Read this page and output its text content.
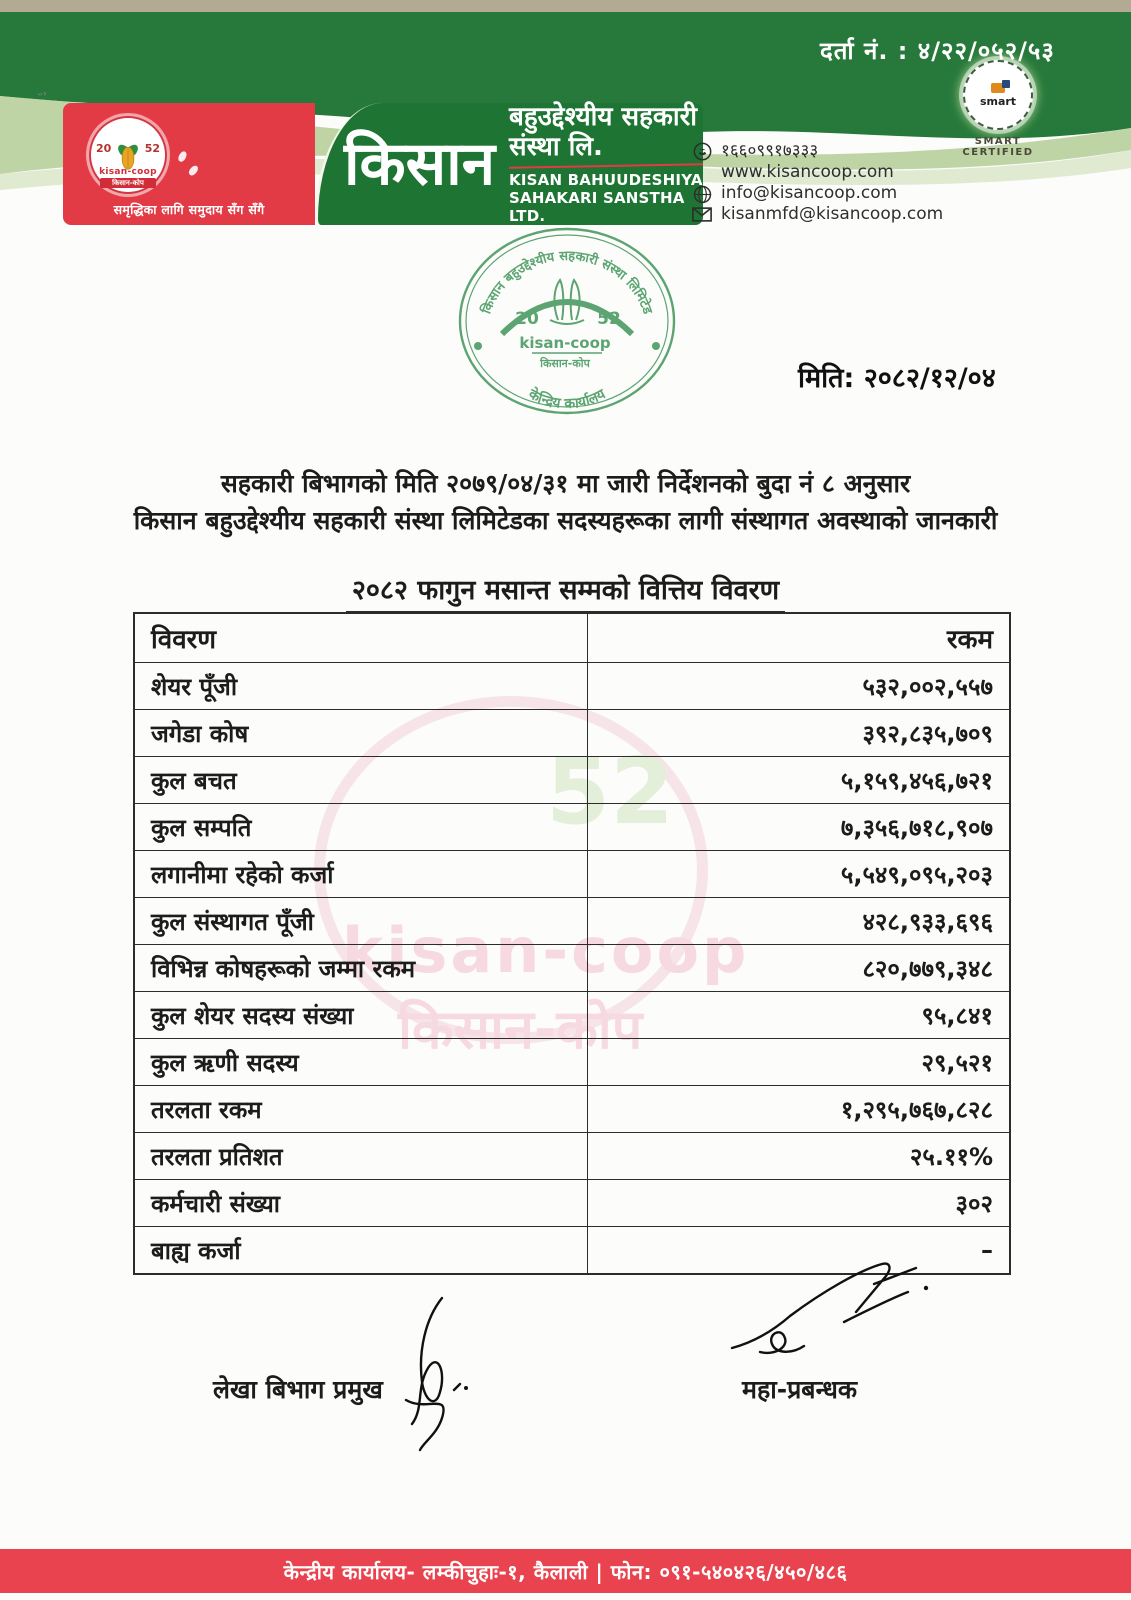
ᵕ˒
दर्ता नं. : ४/२२/०५२/५३
20	52
kisan-coop
किसान-कोप
समृद्धिका लागि समुदाय सँग सँगै
किसान
बहुउद्देश्यीय सहकारी संस्था लि.
KISAN BAHUUDESHIYA SAHAKARI SANSTHA LTD.
१६६०९९१७३३३
www.kisancoop.com
info@kisancoop.com
kisanmfd@kisancoop.com
smart
SMART CERTIFIED
किसान बहुउद्देश्यीय सहकारी संस्था लिमिटेड
केन्द्रिय कार्यालय
20	52
kisan-coop
किसान-कोप	मिति: २०८२/१२/०४
सहकारी बिभागको मिति २०७९/०४/३१ मा जारी निर्देशनको बुदा नं ८ अनुसार
किसान बहुउद्देश्यीय सहकारी संस्था लिमिटेडका सदस्यहरूका लागी संस्थागत अवस्थाको जानकारी
२०८२ फागुन मसान्त सम्मको वित्तिय विवरण
52
kisan-coop
किसान-कोप
विवरण	रकम
शेयर पूँजी	५३२,००२,५५७
जगेडा कोष	३९२,८३५,७०९
कुल बचत	५,१५९,४५६,७२१
कुल सम्पति	७,३५६,७१८,९०७
लगानीमा रहेको कर्जा	५,५४९,०९५,२०३
कुल संस्थागत पूँजी	४२८,९३३,६९६
विभिन्न कोषहरूको जम्मा रकम	८२०,७७९,३४८
कुल शेयर सदस्य संख्या	९५,८४१
कुल ऋणी सदस्य	२९,५२१
तरलता रकम	१,२९५,७६७,८२८
तरलता प्रतिशत	२५.११%
कर्मचारी संख्या	३०२
बाह्य कर्जा	–
लेखा बिभाग प्रमुख	महा-प्रबन्धक
केन्द्रीय कार्यालय- लम्कीचुहाः-१, कैलाली | फोन: ०९१-५४०४२६/४५०/४८६
